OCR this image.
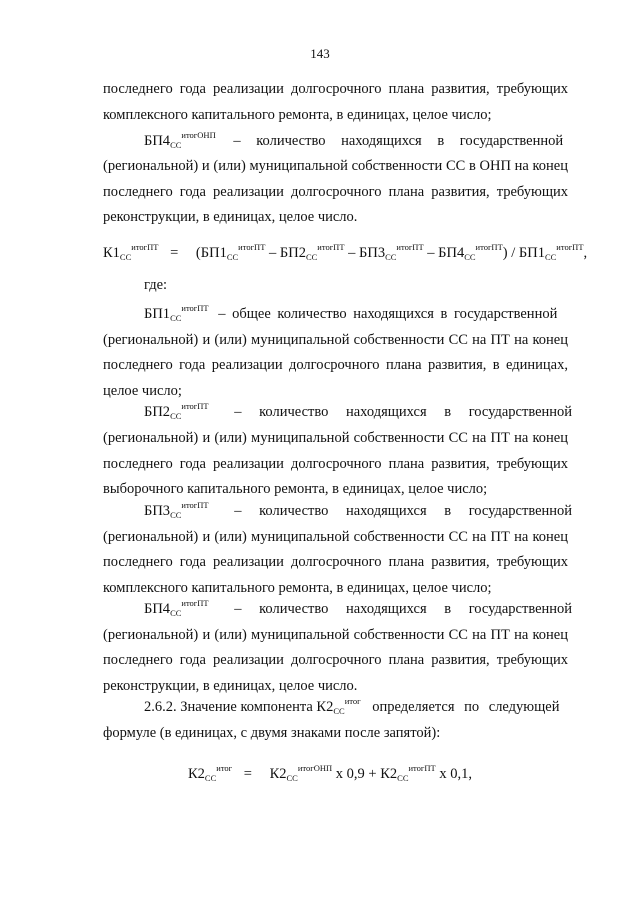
143
последнего года реализации долгосрочного плана развития, требующих
комплексного капитального ремонта, в единицах, целое число;
$БП4_{СС}^{итогОНП}$ – количество находящихся в государственной
(региональной) и (или) муниципальной собственности СС в ОНП на конец
последнего года реализации долгосрочного плана развития, требующих
реконструкции, в единицах, целое число.
$К1_{СС}^{итогПТ} = (БП1_{СС}^{итогПТ} - БП2_{СС}^{итогПТ} - БП3_{СС}^{итогПТ} - БП4_{СС}^{итогПТ}) / БП1_{СС}^{итогПТ}$,
где:
$БП1_{СС}^{итогПТ}$ – общее количество находящихся в государственной
(региональной) и (или) муниципальной собственности СС на ПТ на конец
последнего года реализации долгосрочного плана развития, в единицах,
целое число;
$БП2_{СС}^{итогПТ}$ – количество находящихся в государственной
(региональной) и (или) муниципальной собственности СС на ПТ на конец
последнего года реализации долгосрочного плана развития, требующих
выборочного капитального ремонта, в единицах, целое число;
$БП3_{СС}^{итогПТ}$ – количество находящихся в государственной
(региональной) и (или) муниципальной собственности СС на ПТ на конец
последнего года реализации долгосрочного плана развития, требующих
комплексного капитального ремонта, в единицах, целое число;
$БП4_{СС}^{итогПТ}$ – количество находящихся в государственной
(региональной) и (или) муниципальной собственности СС на ПТ на конец
последнего года реализации долгосрочного плана развития, требующих
реконструкции, в единицах, целое число.
2.6.2. Значение компонента $К2_{СС}^{итог}$ определяется по следующей
формуле (в единицах, с двумя знаками после запятой):
$К2_{СС}^{итог} = К2_{СС}^{итогОНП}$ х $0,9 + К2_{СС}^{итогПТ}$ х 0,1,
